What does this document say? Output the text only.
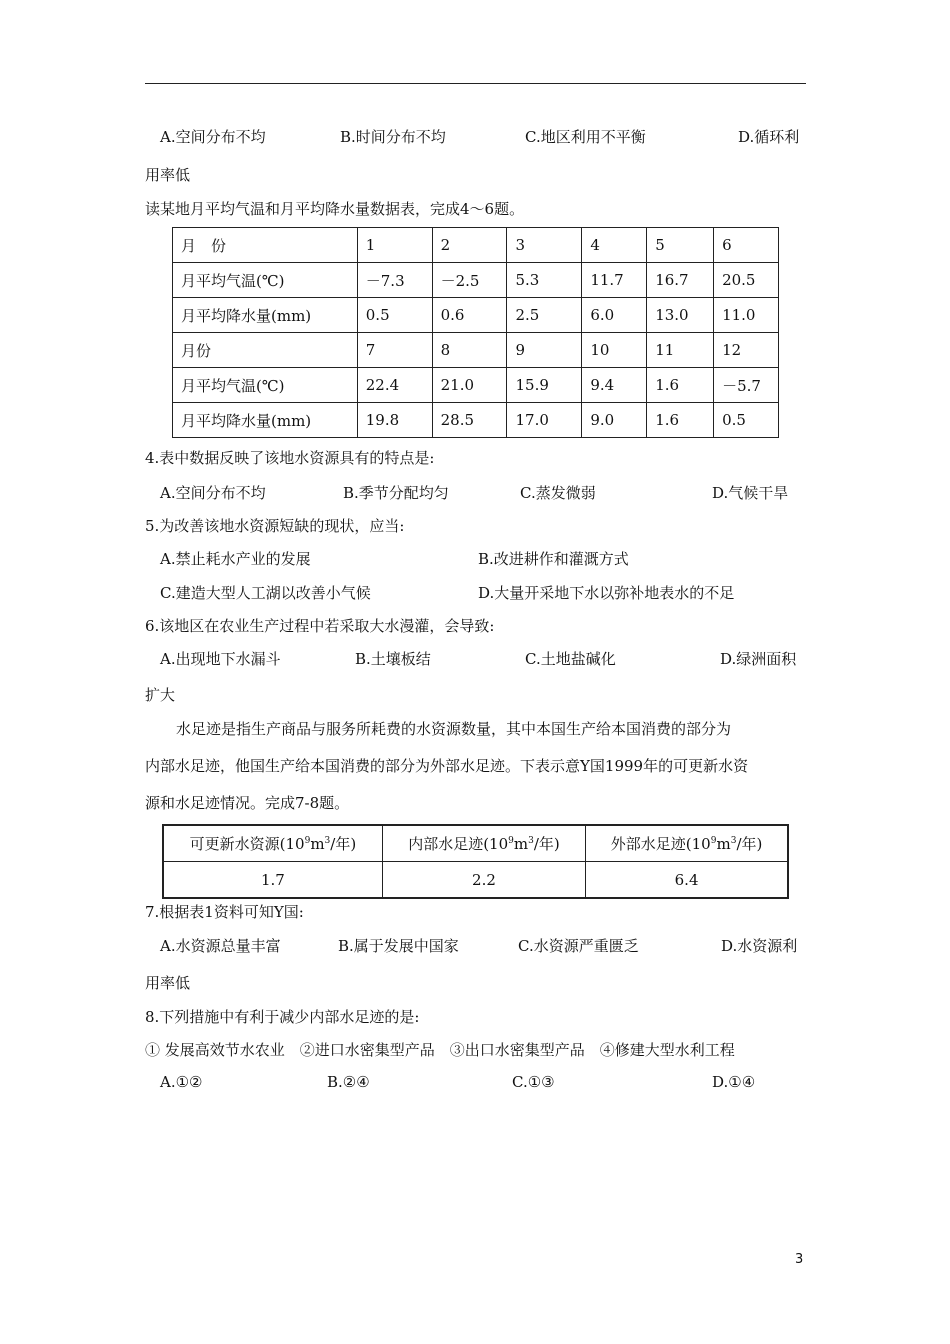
A.空间分布不均	B.时间分布不均	C.地区利用不平衡	D.循环利
用率低
读某地月平均气温和月平均降水量数据表，完成4～6题。
月　份	1	2	3	4	5	6
月平均气温(℃)	－7.3	－2.5	5.3	11.7	16.7	20.5
月平均降水量(mm)	0.5	0.6	2.5	6.0	13.0	11.0
月份	7	8	9	10	11	12
月平均气温(℃)	22.4	21.0	15.9	9.4	1.6	－5.7
月平均降水量(mm)	19.8	28.5	17.0	9.0	1.6	0.5
4.表中数据反映了该地水资源具有的特点是:
A.空间分布不均	B.季节分配均匀	C.蒸发微弱	D.气候干旱
5.为改善该地水资源短缺的现状，应当:
A.禁止耗水产业的发展	B.改进耕作和灌溉方式
C.建造大型人工湖以改善小气候	D.大量开采地下水以弥补地表水的不足
6.该地区在农业生产过程中若采取大水漫灌，会导致:
A.出现地下水漏斗	B.土壤板结	C.土地盐碱化	D.绿洲面积
扩大
水足迹是指生产商品与服务所耗费的水资源数量，其中本国生产给本国消费的部分为
内部水足迹，他国生产给本国消费的部分为外部水足迹。下表示意Y国1999年的可更新水资
源和水足迹情况。完成7-8题。
可更新水资源($10^9m^3/$年)	内部水足迹($10^9m^3/$年)	外部水足迹($10^9m^3/$年)
1.7	2.2	6.4
7.根据表1资料可知Y国:
A.水资源总量丰富	B.属于发展中国家	C.水资源严重匮乏	D.水资源利
用率低
8.下列措施中有利于减少内部水足迹的是:
① 发展高效节水农业　②进口水密集型产品　③出口水密集型产品　④修建大型水利工程
A.①②	B.②④	C.①③	D.①④
3
